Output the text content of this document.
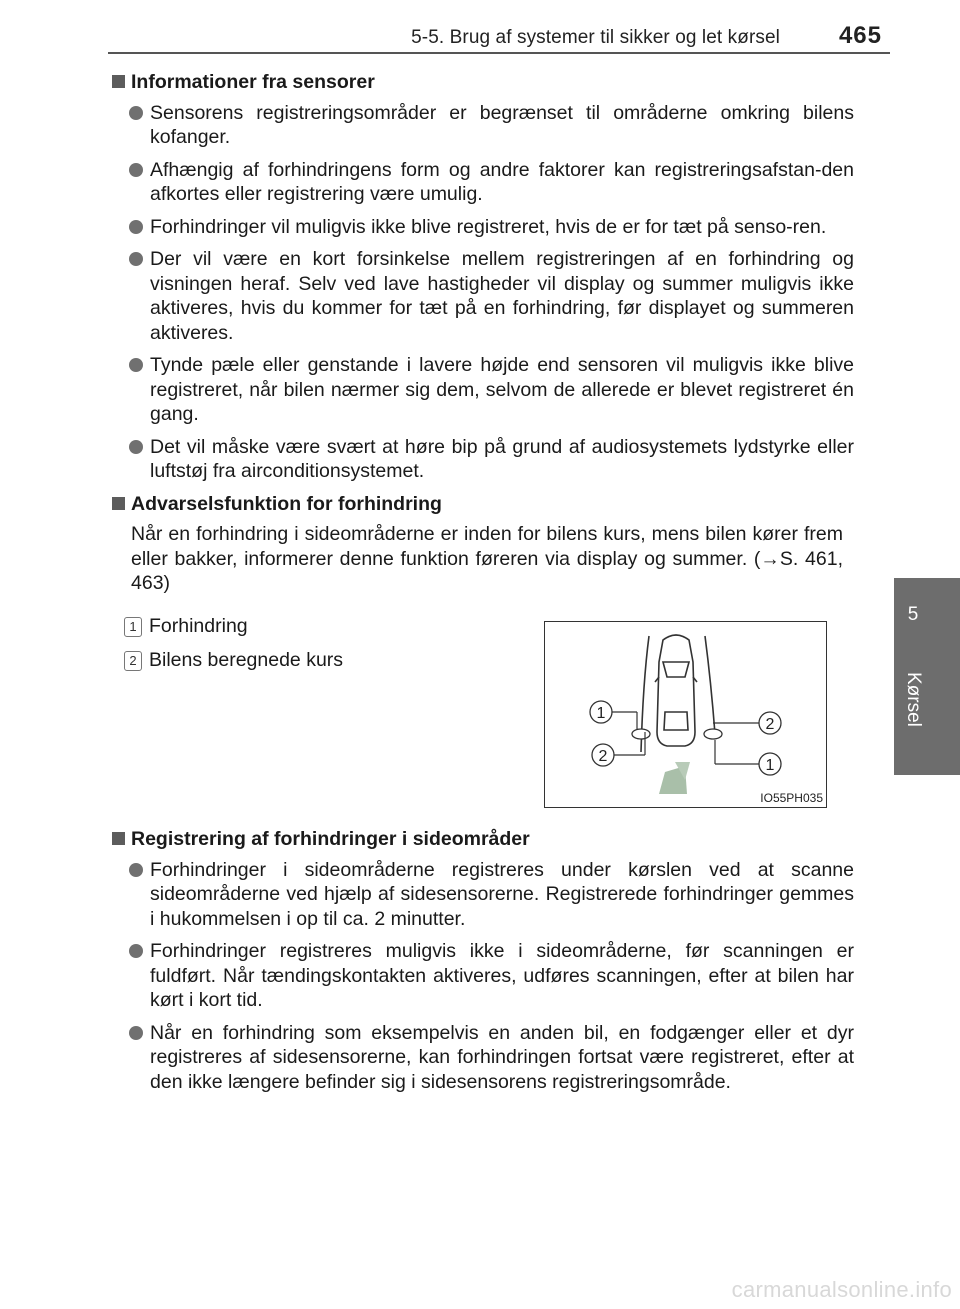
5-5. Brug af systemer til sikker og let kørsel 465
5
Kørsel
Informationer fra sensorer
Sensorens registreringsområder er begrænset til områderne omkring bilens kofanger.
Afhængig af forhindringens form og andre faktorer kan registreringsafstan-den afkortes eller registrering være umulig.
Forhindringer vil muligvis ikke blive registreret, hvis de er for tæt på senso-ren.
Der vil være en kort forsinkelse mellem registreringen af en forhindring og visningen heraf. Selv ved lave hastigheder vil display og summer muligvis ikke aktiveres, hvis du kommer for tæt på en forhindring, før displayet og summeren aktiveres.
Tynde pæle eller genstande i lavere højde end sensoren vil muligvis ikke blive registreret, når bilen nærmer sig dem, selvom de allerede er blevet registreret én gang.
Det vil måske være svært at høre bip på grund af audiosystemets lydstyrke eller luftstøj fra airconditionsystemet.
Advarselsfunktion for forhindring
Når en forhindring i sideområderne er inden for bilens kurs, mens bilen kører frem eller bakker, informerer denne funktion føreren via display og summer. (→S. 461, 463)
1 Forhindring
2 Bilens beregnede kurs
1
2
2
1
IO55PH035
Registrering af forhindringer i sideområder
Forhindringer i sideområderne registreres under kørslen ved at scanne sideområderne ved hjælp af sidesensorerne. Registrerede forhindringer gemmes i hukommelsen i op til ca. 2 minutter.
Forhindringer registreres muligvis ikke i sideområderne, før scanningen er fuldført. Når tændingskontakten aktiveres, udføres scanningen, efter at bilen har kørt i kort tid.
Når en forhindring som eksempelvis en anden bil, en fodgænger eller et dyr registreres af sidesensorerne, kan forhindringen fortsat være registreret, efter at den ikke længere befinder sig i sidesensorens registreringsområde.
carmanualsonline.info
